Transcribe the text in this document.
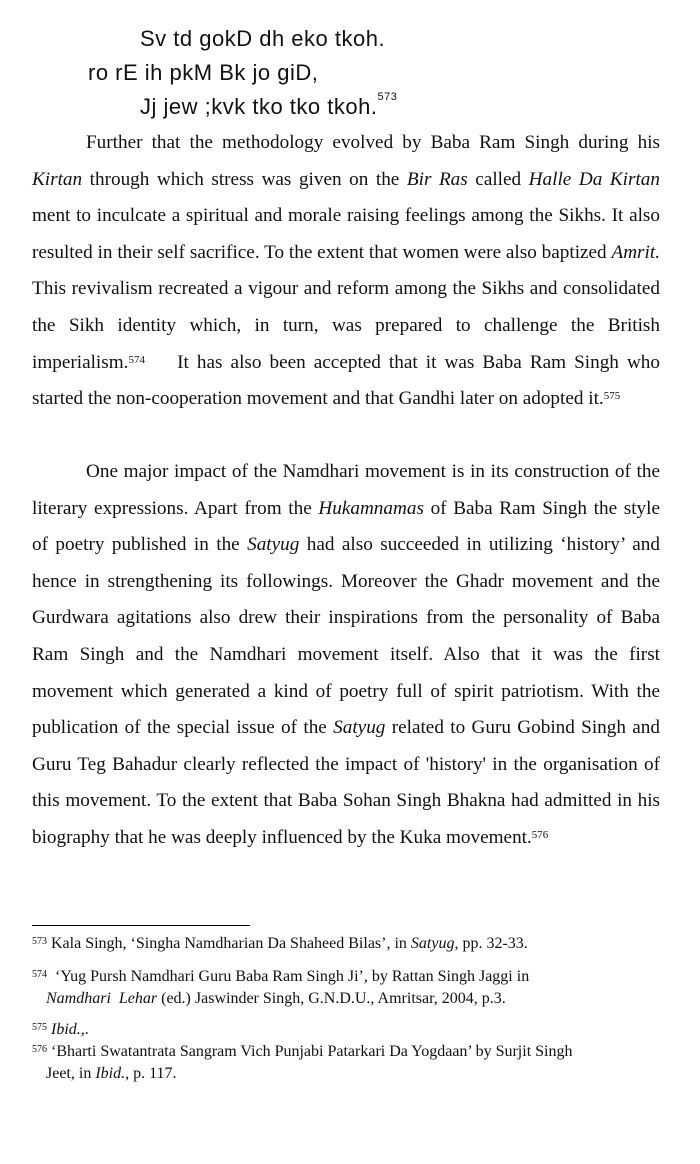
Sv td gokD dh eko tkoh.
ro rE ih pkM Bk jo giD,
Jj jew ;kvk tko tko tkoh.$^{573}$

Further that the methodology evolved by Baba Ram Singh during his Kirtan through which stress was given on the Bir Ras called Halle Da Kirtan ment to inculcate a spiritual and morale raising feelings among the Sikhs. It also resulted in their self sacrifice. To the extent that women were also baptized Amrit. This revivalism recreated a vigour and reform among the Sikhs and consolidated the Sikh identity which, in turn, was prepared to challenge the British imperialism.$^{574}$    It has also been accepted that it was Baba Ram Singh who started the non-cooperation movement and that Gandhi later on adopted it.$^{575}$

One major impact of the Namdhari movement is in its construction of the literary expressions. Apart from the Hukamnamas of Baba Ram Singh the style of poetry published in the Satyug had also succeeded in utilizing ‘history’ and hence in strengthening its followings. Moreover the Ghadr movement and the Gurdwara agitations also drew their inspirations from the personality of Baba Ram Singh and the Namdhari movement itself. Also that it was the first movement which generated a kind of poetry full of spirit patriotism. With the publication of the special issue of the Satyug related to Guru Gobind Singh and Guru Teg Bahadur clearly reflected the impact of 'history' in the organisation of this movement. To the extent that Baba Sohan Singh Bhakna had admitted in his biography that he was deeply influenced by the Kuka movement.$^{576}$

$^{573}$ Kala Singh, ‘Singha Namdharian Da Shaheed Bilas’, in Satyug, pp. 32-33.
$^{574}$  ‘Yug Pursh Namdhari Guru Baba Ram Singh Ji’, by Rattan Singh Jaggi in
Namdhari  Lehar (ed.) Jaswinder Singh, G.N.D.U., Amritsar, 2004, p.3.
$^{575}$ Ibid.,.
$^{576}$ ‘Bharti Swatantrata Sangram Vich Punjabi Patarkari Da Yogdaan’ by Surjit Singh
Jeet, in Ibid., p. 117.
